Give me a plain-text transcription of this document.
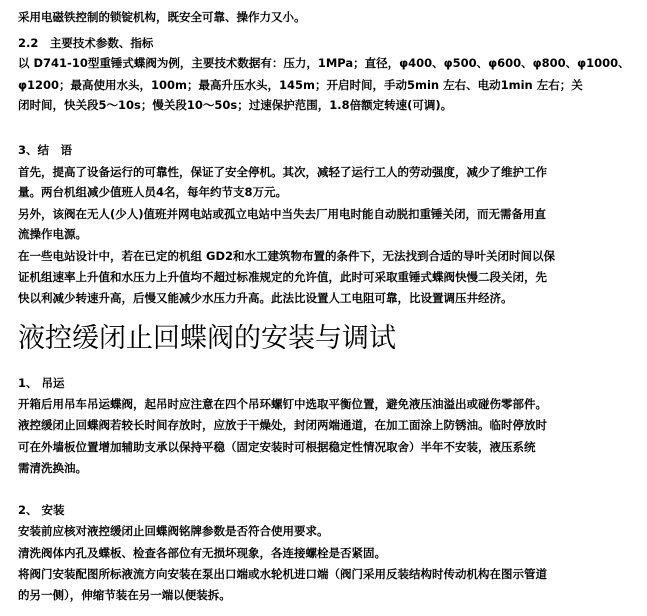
采用电磁铁控制的锁锭机构，既安全可靠、操作力又小。
2.2　主要技术参数、指标
以 D741-10型重锤式蝶阀为例，主要技术数据有：压力，1MPa；直径，φ400、φ500、φ600、φ800、φ1000、
φ1200；最高使用水头，100m；最高升压水头，145m；开启时间，手动5min 左右、电动1min 左右；关
闭时间，快关段5～10s；慢关段10～50s；过速保护范围，1.8倍额定转速(可调)。
3、结　语
首先，提高了设备运行的可靠性，保证了安全停机。其次，减轻了运行工人的劳动强度，减少了维护工作
量。两台机组减少值班人员4名，每年约节支8万元。
另外，该阀在无人(少人)值班并网电站或孤立电站中当失去厂用电时能自动脱扣重锤关闭，而无需备用直
流操作电源。
在一些电站设计中，若在已定的机组 GD2和水工建筑物布置的条件下，无法找到合适的导叶关闭时间以保
证机组速率上升值和水压力上升值均不超过标准规定的允许值，此时可采取重锤式蝶阀快慢二段关闭，先
快以利减少转速升高，后慢又能减少水压力升高。此法比设置人工电阻可靠，比设置调压井经济。
液控缓闭止回蝶阀的安装与调试
1、 吊运
开箱后用吊车吊运蝶阀，起吊时应注意在四个吊环螺钉中选取平衡位置，避免液压油溢出或碰伤零部件。
液控缓闭止回蝶阀若较长时间存放时，应放于干燥处，封闭两端通道，在加工面涂上防锈油。临时停放时
可在外墙板位置增加辅助支承以保持平稳（固定安装时可根据稳定性情况取舍）半年不安装，液压系统
需清洗换油。
2、 安装
安装前应核对液控缓闭止回蝶阀铭牌参数是否符合使用要求。
清洗阀体内孔及蝶板、检查各部位有无损坏现象，各连接螺栓是否紧固。
将阀门安装配图所标液流方向安装在泵出口端或水轮机进口端（阀门采用反装结构时传动机构在图示管道
的另一侧），伸缩节装在另一端以便装拆。
